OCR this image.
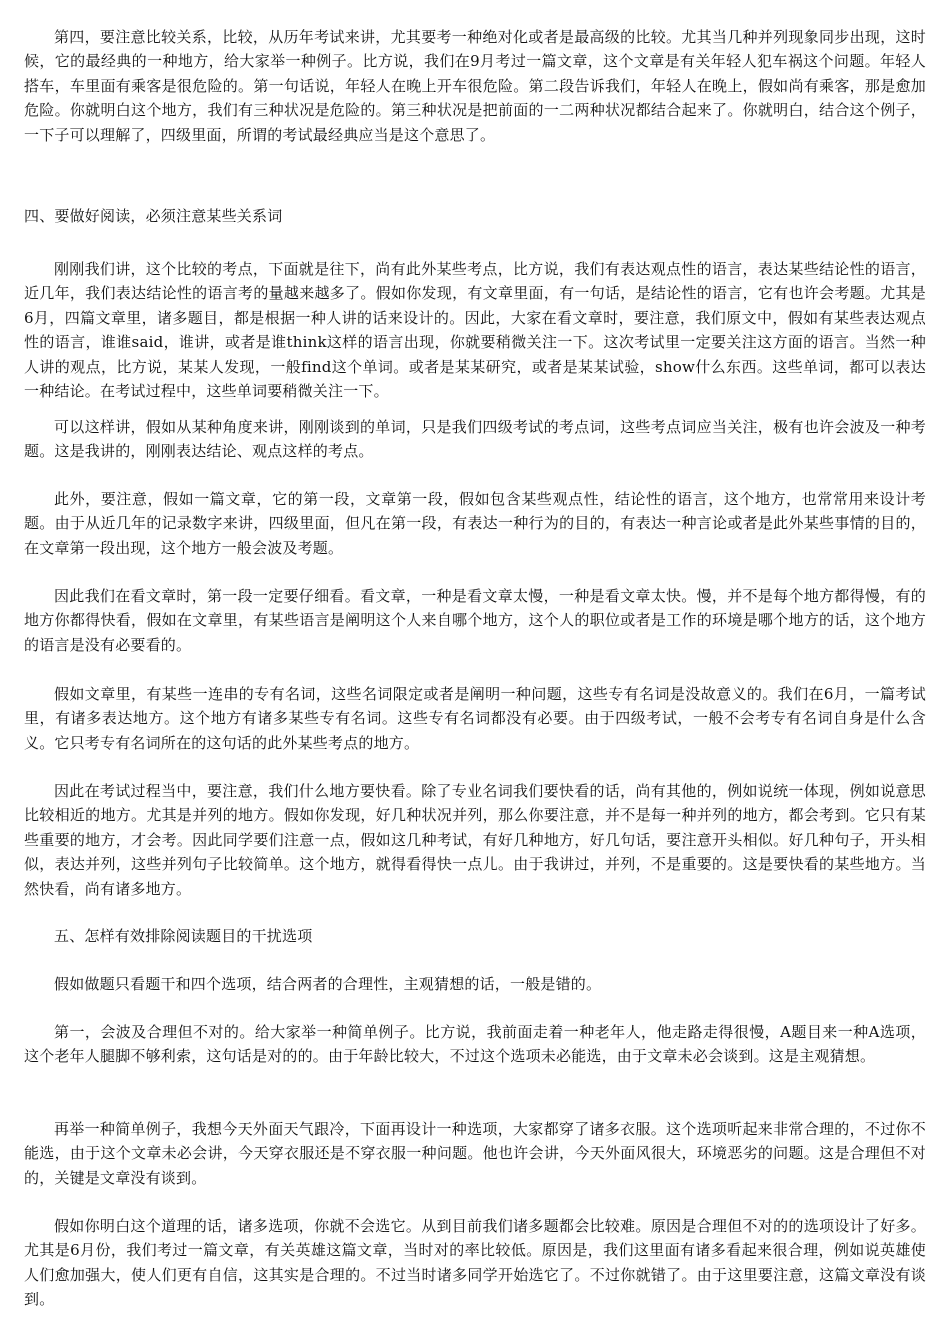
第四，要注意比较关系，比较，从历年考试来讲，尤其要考一种绝对化或者是最高级的比较。尤其当几种并列现象同步出现，这时候，它的最经典的一种地方，给大家举一种例子。比方说，我们在9月考过一篇文章，这个文章是有关年轻人犯车祸这个问题。年轻人搭车，车里面有乘客是很危险的。第一句话说，年轻人在晚上开车很危险。第二段告诉我们，年轻人在晚上，假如尚有乘客，那是愈加危险。你就明白这个地方，我们有三种状况是危险的。第三种状况是把前面的一二两种状况都结合起来了。你就明白，结合这个例子，一下子可以理解了，四级里面，所谓的考试最经典应当是这个意思了。

四、要做好阅读，必须注意某些关系词

刚刚我们讲，这个比较的考点，下面就是往下，尚有此外某些考点，比方说，我们有表达观点性的语言，表达某些结论性的语言，近几年，我们表达结论性的语言考的量越来越多了。假如你发现，有文章里面，有一句话，是结论性的语言，它有也许会考题。尤其是6月，四篇文章里，诸多题目，都是根据一种人讲的话来设计的。因此，大家在看文章时，要注意，我们原文中，假如有某些表达观点性的语言，谁谁said，谁讲，或者是谁think这样的语言出现，你就要稍微关注一下。这次考试里一定要关注这方面的语言。当然一种人讲的观点，比方说，某某人发现，一般find这个单词。或者是某某研究，或者是某某试验，show什么东西。这些单词，都可以表达一种结论。在考试过程中，这些单词要稍微关注一下。

可以这样讲，假如从某种角度来讲，刚刚谈到的单词，只是我们四级考试的考点词，这些考点词应当关注，极有也许会波及一种考题。这是我讲的，刚刚表达结论、观点这样的考点。

此外，要注意，假如一篇文章，它的第一段，文章第一段，假如包含某些观点性，结论性的语言，这个地方，也常常用来设计考题。由于从近几年的记录数字来讲，四级里面，但凡在第一段，有表达一种行为的目的，有表达一种言论或者是此外某些事情的目的，在文章第一段出现，这个地方一般会波及考题。

因此我们在看文章时，第一段一定要仔细看。看文章，一种是看文章太慢，一种是看文章太快。慢，并不是每个地方都得慢，有的地方你都得快看，假如在文章里，有某些语言是阐明这个人来自哪个地方，这个人的职位或者是工作的环境是哪个地方的话，这个地方的语言是没有必要看的。

假如文章里，有某些一连串的专有名词，这些名词限定或者是阐明一种问题，这些专有名词是没故意义的。我们在6月，一篇考试里，有诸多表达地方。这个地方有诸多某些专有名词。这些专有名词都没有必要。由于四级考试，一般不会考专有名词自身是什么含义。它只考专有名词所在的这句话的此外某些考点的地方。

因此在考试过程当中，要注意，我们什么地方要快看。除了专业名词我们要快看的话，尚有其他的，例如说统一体现，例如说意思比较相近的地方。尤其是并列的地方。假如你发现，好几种状况并列，那么你要注意，并不是每一种并列的地方，都会考到。它只有某些重要的地方，才会考。因此同学要们注意一点，假如这几种考试，有好几种地方，好几句话，要注意开头相似。好几种句子，开头相似，表达并列，这些并列句子比较简单。这个地方，就得看得快一点儿。由于我讲过，并列，不是重要的。这是要快看的某些地方。当然快看，尚有诸多地方。

五、怎样有效排除阅读题目的干扰选项

假如做题只看题干和四个选项，结合两者的合理性，主观猜想的话，一般是错的。

第一，会波及合理但不对的。给大家举一种简单例子。比方说，我前面走着一种老年人，他走路走得很慢，A题目来一种A选项，这个老年人腿脚不够利索，这句话是对的的。由于年龄比较大，不过这个选项未必能选，由于文章未必会谈到。这是主观猜想。

再举一种简单例子，我想今天外面天气跟冷，下面再设计一种选项，大家都穿了诸多衣服。这个选项听起来非常合理的，不过你不能选，由于这个文章未必会讲，今天穿衣服还是不穿衣服一种问题。他也许会讲，今天外面风很大，环境恶劣的问题。这是合理但不对的，关键是文章没有谈到。

假如你明白这个道理的话，诸多选项，你就不会选它。从到目前我们诸多题都会比较难。原因是合理但不对的的选项设计了好多。尤其是6月份，我们考过一篇文章，有关英雄这篇文章，当时对的率比较低。原因是，我们这里面有诸多看起来很合理，例如说英雄使人们愈加强大，使人们更有自信，这其实是合理的。不过当时诸多同学开始选它了。不过你就错了。由于这里要注意，这篇文章没有谈到。
